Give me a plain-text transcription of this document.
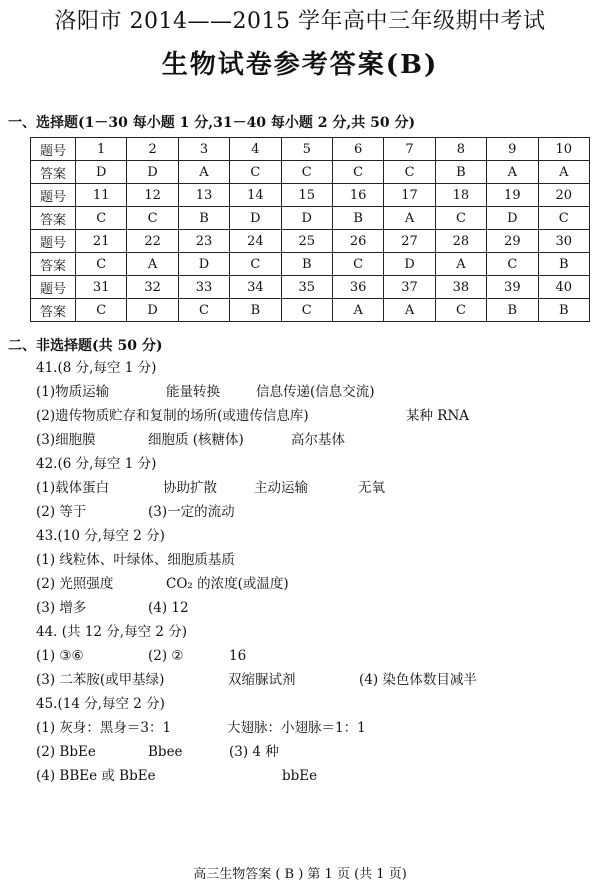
洛阳市 2014——2015 学年高中三年级期中考试
生物试卷参考答案(B)
一、选择题(1－30 每小题 1 分,31－40 每小题 2 分,共 50 分)
题号	1	2	3	4	5	6	7	8	9	10
答案	D	D	A	C	C	C	C	B	A	A
题号	11	12	13	14	15	16	17	18	19	20
答案	C	C	B	D	D	B	A	C	D	C
题号	21	22	23	24	25	26	27	28	29	30
答案	C	A	D	C	B	C	D	A	C	B
题号	31	32	33	34	35	36	37	38	39	40
答案	C	D	C	B	C	A	A	C	B	B
二、非选择题(共 50 分)
41.(8 分,每空 1 分)
(1)物质运输	能量转换	信息传递(信息交流)
(2)遗传物质贮存和复制的场所(或遗传信息库)	某种 RNA
(3)细胞膜	细胞质 (核糖体)	高尔基体
42.(6 分,每空 1 分)
(1)载体蛋白	协助扩散	主动运输	无氧
(2) 等于	(3)一定的流动
43.(10 分,每空 2 分)
(1) 线粒体、叶绿体、细胞质基质
(2) 光照强度	CO₂ 的浓度(或温度)
(3) 增多	(4) 12
44. (共 12 分,每空 2 分)
(1) ③⑥	(2) ②	16
(3) 二苯胺(或甲基绿)	双缩脲试剂	(4) 染色体数目减半
45.(14 分,每空 2 分)
(1) 灰身：黑身＝3：1	大翅脉：小翅脉＝1：1
(2) BbEe	Bbee	(3) 4 种
(4) BBEe 或 BbEe	bbEe
高三生物答案 ( B ) 第 1 页 (共 1 页)
